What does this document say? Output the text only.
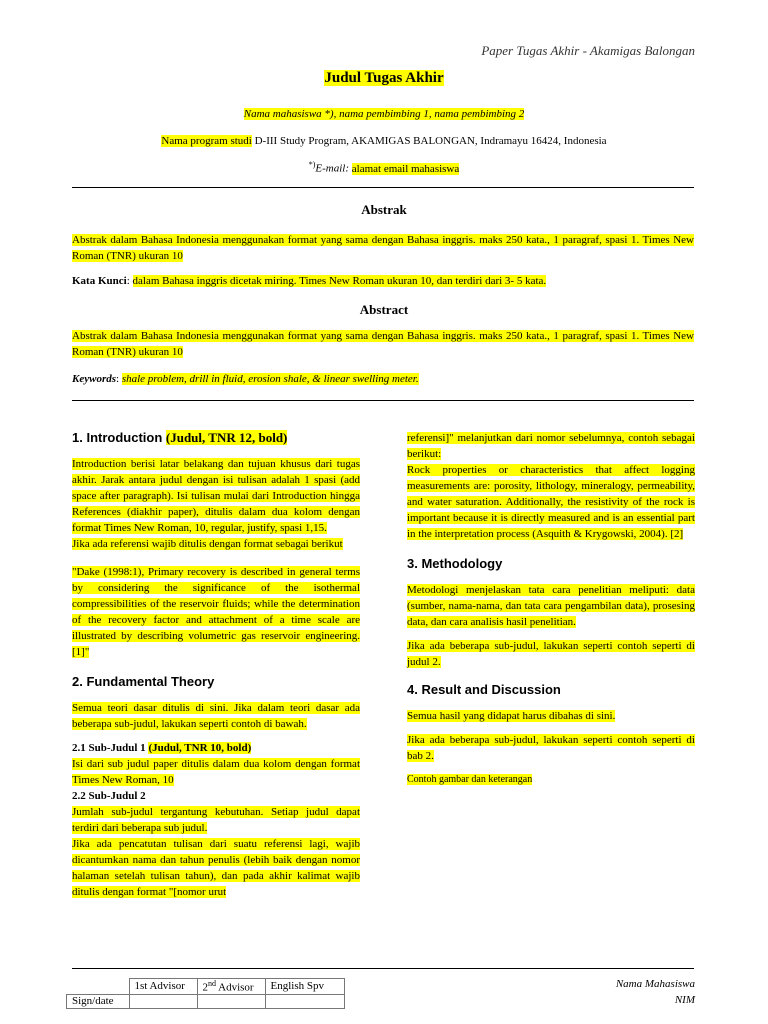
Paper Tugas Akhir - Akamigas Balongan
Judul Tugas Akhir
Nama mahasiswa *), nama pembimbing 1, nama pembimbing 2
Nama program studi D-III Study Program, AKAMIGAS BALONGAN, Indramayu 16424, Indonesia
*)E-mail: alamat email mahasiswa
Abstrak
Abstrak dalam Bahasa Indonesia menggunakan format yang sama dengan Bahasa inggris. maks 250 kata., 1 paragraf, spasi 1. Times New Roman (TNR) ukuran 10
Kata Kunci: dalam Bahasa inggris dicetak miring. Times New Roman ukuran 10, dan terdiri dari 3- 5 kata.
Abstract
Abstrak dalam Bahasa Indonesia menggunakan format yang sama dengan Bahasa inggris. maks 250 kata., 1 paragraf, spasi 1. Times New Roman (TNR) ukuran 10
Keywords: shale problem, drill in fluid, erosion shale, & linear swelling meter.
1. Introduction (Judul, TNR 12, bold)

Introduction berisi latar belakang dan tujuan khusus dari tugas akhir. Jarak antara judul dengan isi tulisan adalah 1 spasi (add space after paragraph). Isi tulisan mulai dari Introduction hingga References (diakhir paper), ditulis dalam dua kolom dengan format Times New Roman, 10, regular, justify, spasi 1,15.

Jika ada referensi wajib ditulis dengan format sebagai berikut

"Dake (1998:1), Primary recovery is described in general terms by considering the significance of the isothermal compressibilities of the reservoir fluids; while the determination of the recovery factor and attachment of a time scale are illustrated by describing volumetric gas reservoir engineering. [1]"

2. Fundamental Theory

Semua teori dasar ditulis di sini. Jika dalam teori dasar ada beberapa sub-judul, lakukan seperti contoh di bawah.

2.1 Sub-Judul 1 (Judul, TNR 10, bold)

Isi dari sub judul paper ditulis dalam dua kolom dengan format Times New Roman, 10

2.2 Sub-Judul 2

Jumlah sub-judul tergantung kebutuhan. Setiap judul dapat terdiri dari beberapa sub judul.

Jika ada pencatutan tulisan dari suatu referensi lagi, wajib dicantumkan nama dan tahun penulis (lebih baik dengan nomor halaman setelah tulisan tahun), dan pada akhir kalimat wajib ditulis dengan format "[nomor urut

referensi]" melanjutkan dari nomor sebelumnya, contoh sebagai berikut:

Rock properties or characteristics that affect logging measurements are: porosity, lithology, mineralogy, permeability, and water saturation. Additionally, the resistivity of the rock is important because it is directly measured and is an essential part in the interpretation process (Asquith & Krygowski, 2004). [2]

3. Methodology

Metodologi menjelaskan tata cara penelitian meliputi: data (sumber, nama-nama, dan tata cara pengambilan data), prosesing data, dan cara analisis hasil penelitian.

Jika ada beberapa sub-judul, lakukan seperti contoh seperti di judul 2.

4. Result and Discussion

Semua hasil yang didapat harus dibahas di sini.

Jika ada beberapa sub-judul, lakukan seperti contoh seperti di bab 2.

Contoh gambar dan keterangan

	1st Advisor	2nd Advisor	English Spv
Sign/date			
Nama Mahasiswa
NIM
